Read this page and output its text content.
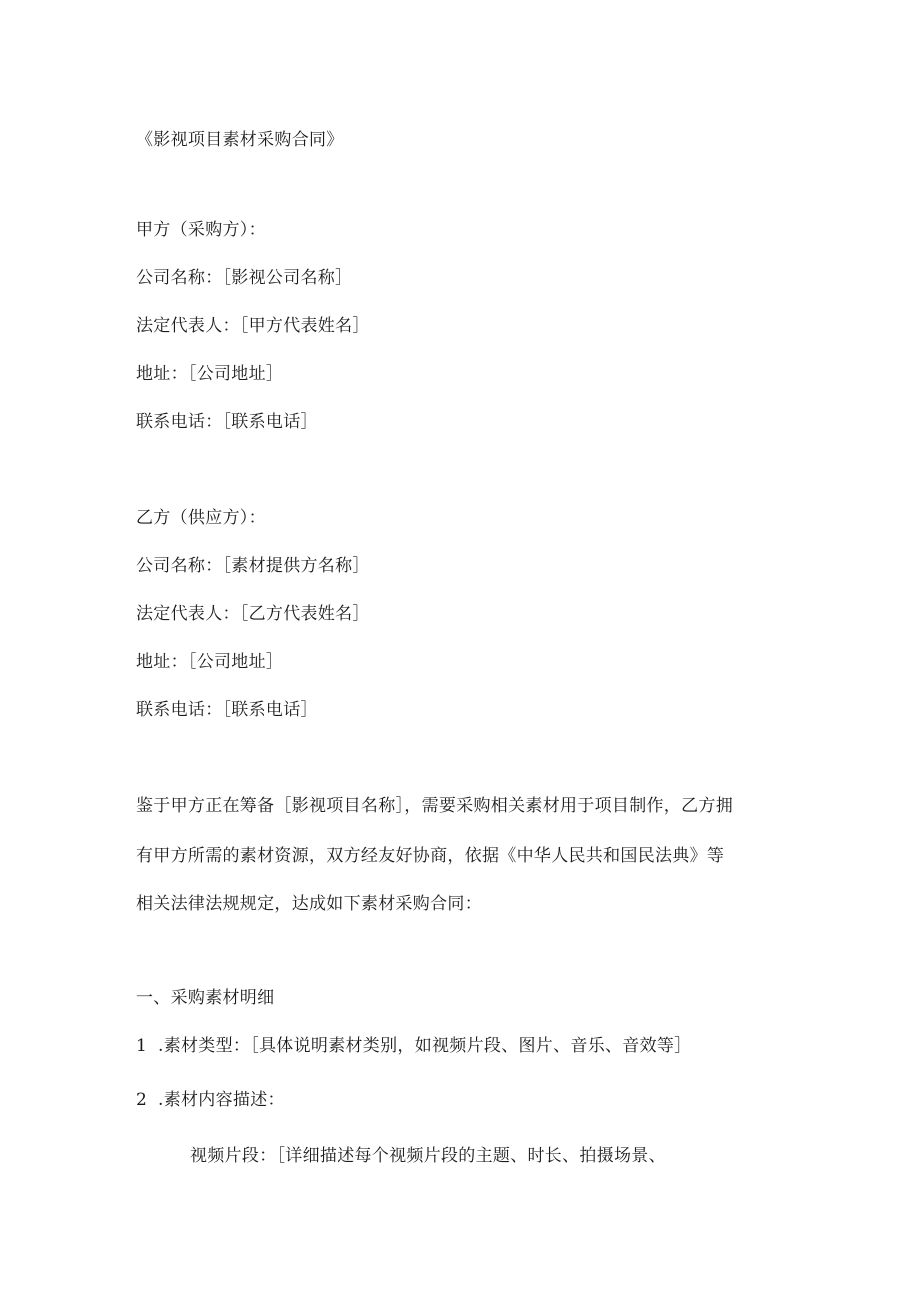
《影视项目素材采购合同》
甲方（采购方）：
公司名称：［影视公司名称］
法定代表人：［甲方代表姓名］
地址：［公司地址］
联系电话：［联系电话］
乙方（供应方）：
公司名称：［素材提供方名称］
法定代表人：［乙方代表姓名］
地址：［公司地址］
联系电话：［联系电话］
鉴于甲方正在筹备［影视项目名称］，需要采购相关素材用于项目制作，乙方拥
有甲方所需的素材资源，双方经友好协商，依据《中华人民共和国民法典》等
相关法律法规规定，达成如下素材采购合同：
一、采购素材明细
1 .素材类型：［具体说明素材类别，如视频片段、图片、音乐、音效等］
2 .素材内容描述：
视频片段：［详细描述每个视频片段的主题、时长、拍摄场景、
